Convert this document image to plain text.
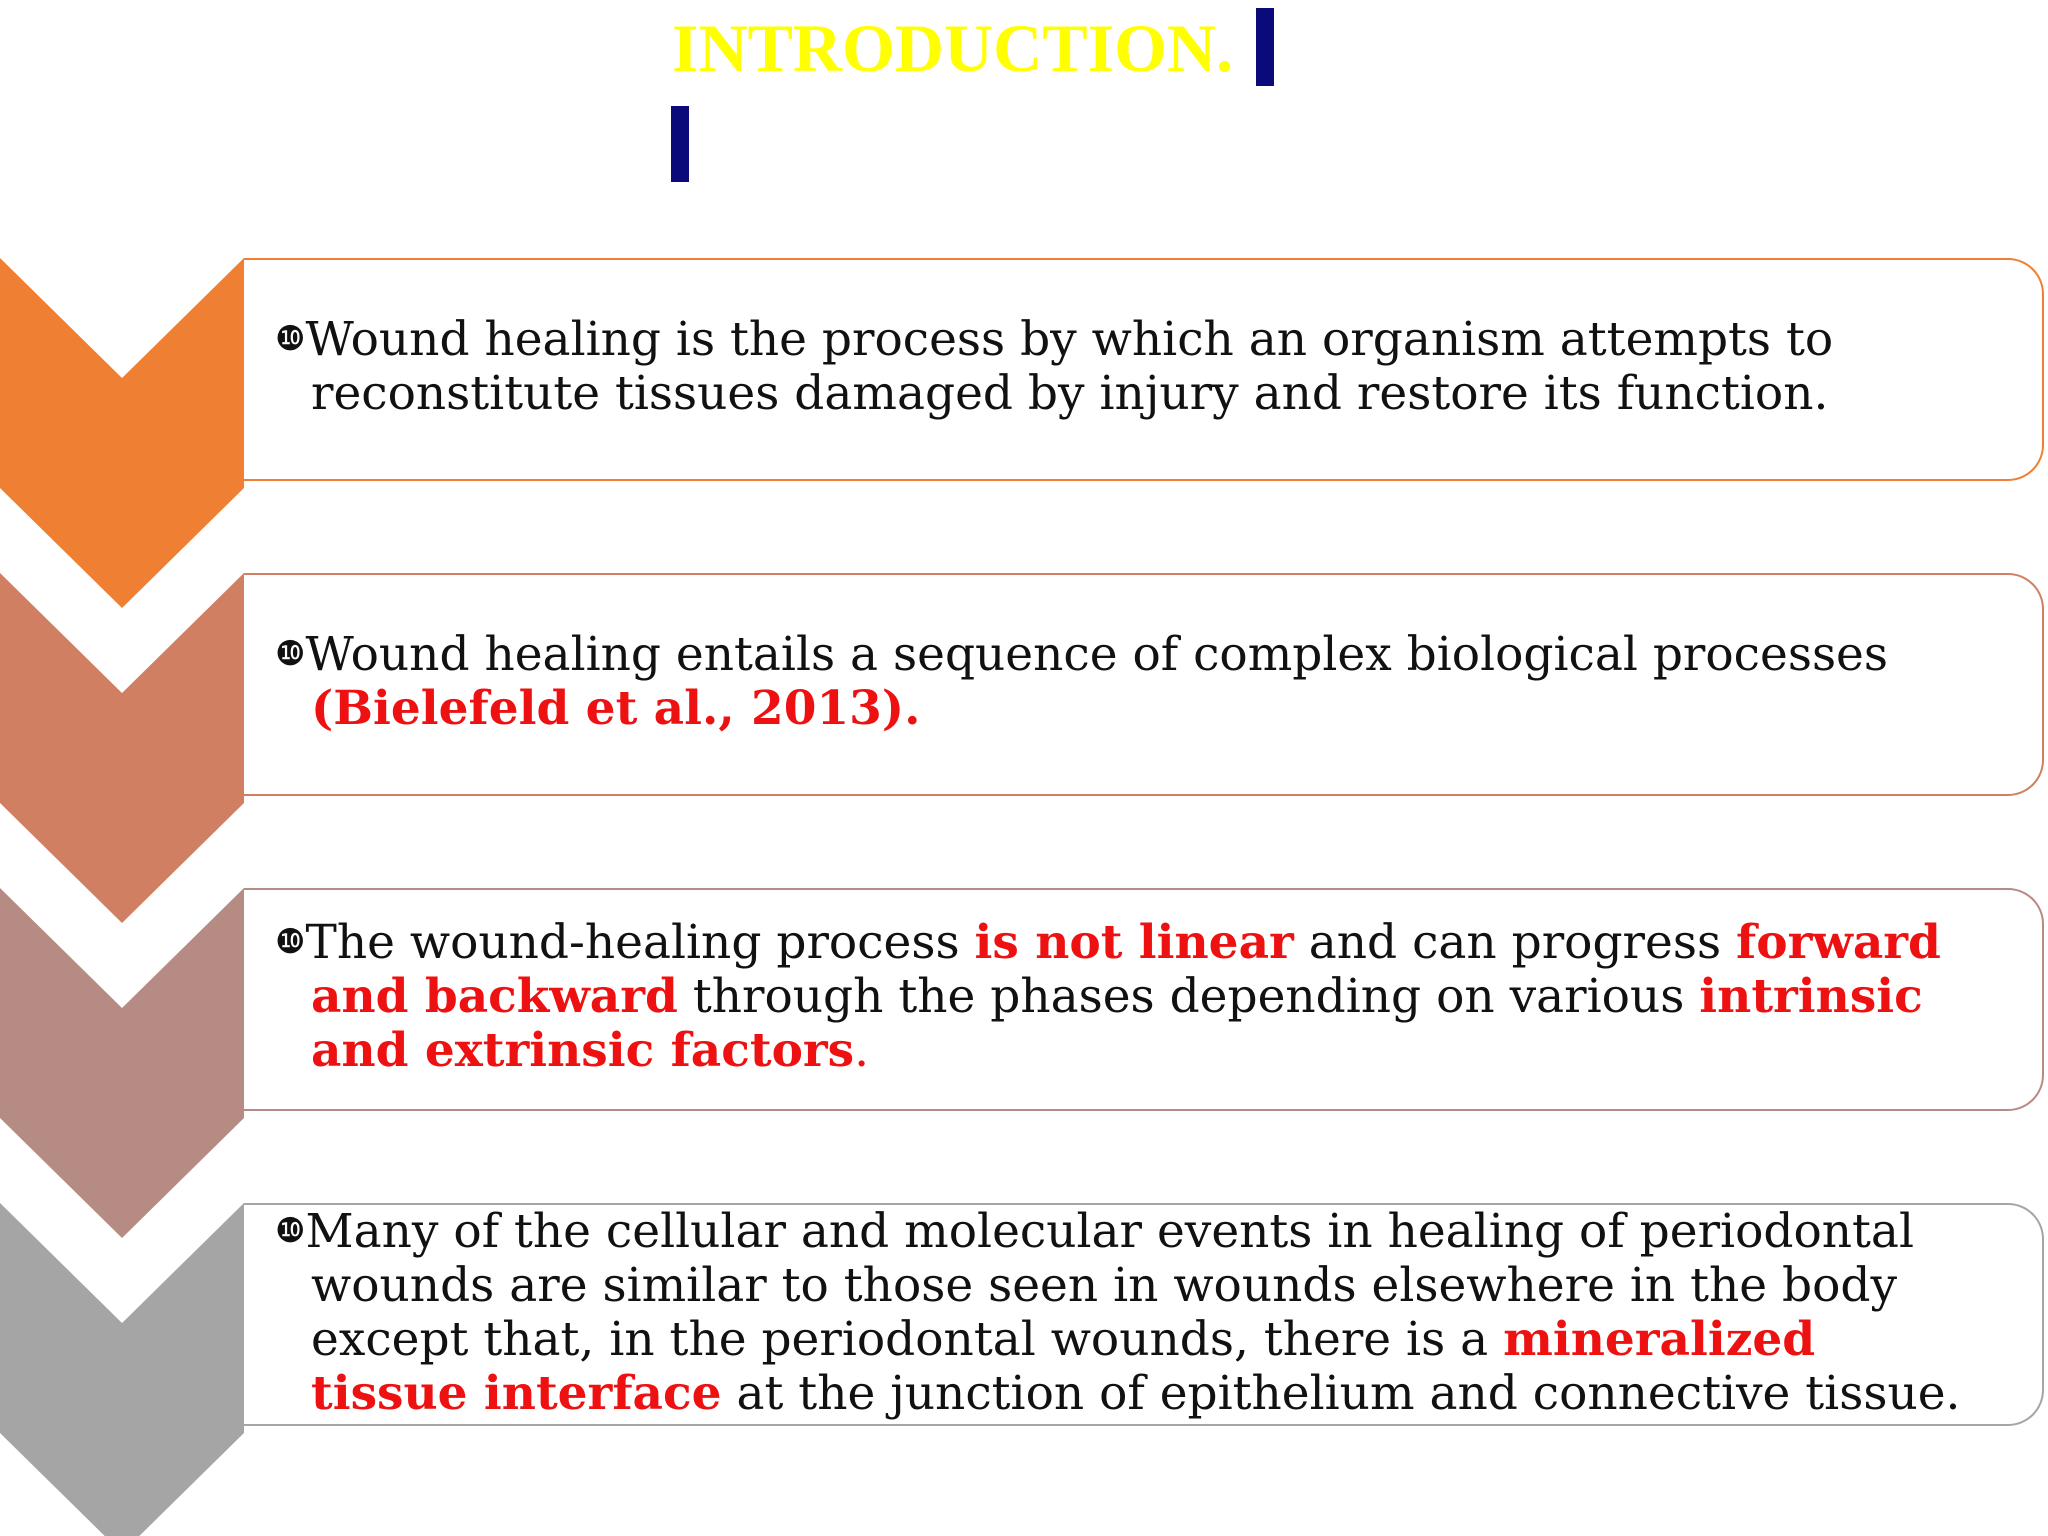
INTRODUCTION.

❿Wound healing is the process by which an organism attempts to
reconstitute tissues damaged by injury and restore its function.

❿Wound healing entails a sequence of complex biological processes
(Bielefeld et al., 2013).

❿The wound-healing process is not linear and can progress forward
and backward through the phases depending on various intrinsic
and extrinsic factors.

❿Many of the cellular and molecular events in healing of periodontal
wounds are similar to those seen in wounds elsewhere in the body
except that, in the periodontal wounds, there is a mineralized
tissue interface at the junction of epithelium and connective tissue.
